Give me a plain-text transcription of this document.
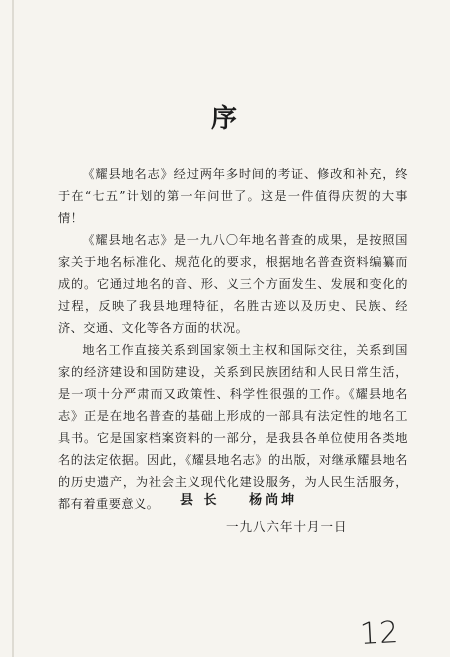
序

《耀县地名志》经过两年多时间的考证、修改和补充，终于在“七五”计划的第一年问世了。这是一件值得庆贺的大事情！

《耀县地名志》是一九八〇年地名普查的成果，是按照国家关于地名标准化、规范化的要求，根据地名普查资料编纂而成的。它通过地名的音、形、义三个方面发生、发展和变化的过程，反映了我县地理特征，名胜古迹以及历史、民族、经济、交通、文化等各方面的状况。

地名工作直接关系到国家领土主权和国际交往，关系到国家的经济建设和国防建设，关系到民族团结和人民日常生活，是一项十分严肃而又政策性、科学性很强的工作。《耀县地名志》正是在地名普查的基础上形成的一部具有法定性的地名工具书。它是国家档案资料的一部分，是我县各单位使用各类地名的法定依据。因此，《耀县地名志》的出版，对继承耀县地名的历史遗产，为社会主义现代化建设服务，为人民生活服务，都有着重要意义。	县 长 杨尚坤
一九八六年十月一日
12
